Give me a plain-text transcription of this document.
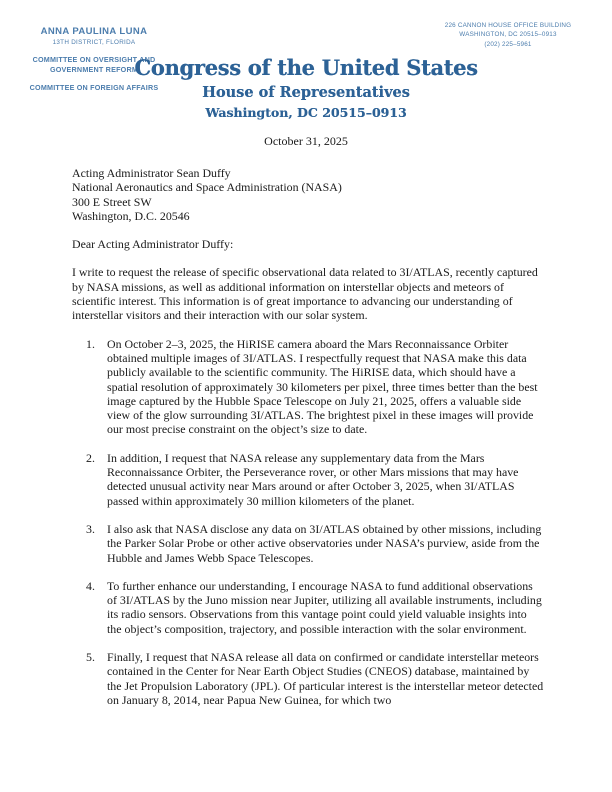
ANNA PAULINA LUNA
13TH DISTRICT, FLORIDA
COMMITTEE ON OVERSIGHT AND GOVERNMENT REFORM
COMMITTEE ON FOREIGN AFFAIRS
226 CANNON HOUSE OFFICE BUILDING
WASHINGTON, DC 20515–0913
(202) 225–5961
Congress of the United States
House of Representatives
Washington, DC 20515–0913
October 31, 2025
Acting Administrator Sean Duffy
National Aeronautics and Space Administration (NASA)
300 E Street SW
Washington, D.C. 20546
Dear Acting Administrator Duffy:

I write to request the release of specific observational data related to 3I/ATLAS, recently captured by NASA missions, as well as additional information on interstellar objects and meteors of scientific interest. This information is of great importance to advancing our understanding of interstellar visitors and their interaction with our solar system.

1.	On October 2–3, 2025, the HiRISE camera aboard the Mars Reconnaissance Orbiter obtained multiple images of 3I/ATLAS. I respectfully request that NASA make this data publicly available to the scientific community. The HiRISE data, which should have a spatial resolution of approximately 30 kilometers per pixel, three times better than the best image captured by the Hubble Space Telescope on July 21, 2025, offers a valuable side view of the glow surrounding 3I/ATLAS. The brightest pixel in these images will provide our most precise constraint on the object’s size to date.
2.	In addition, I request that NASA release any supplementary data from the Mars Reconnaissance Orbiter, the Perseverance rover, or other Mars missions that may have detected unusual activity near Mars around or after October 3, 2025, when 3I/ATLAS passed within approximately 30 million kilometers of the planet.
3.	I also ask that NASA disclose any data on 3I/ATLAS obtained by other missions, including the Parker Solar Probe or other active observatories under NASA’s purview, aside from the Hubble and James Webb Space Telescopes.
4.	To further enhance our understanding, I encourage NASA to fund additional observations of 3I/ATLAS by the Juno mission near Jupiter, utilizing all available instruments, including its radio sensors. Observations from this vantage point could yield valuable insights into the object’s composition, trajectory, and possible interaction with the solar environment.
5.	Finally, I request that NASA release all data on confirmed or candidate interstellar meteors contained in the Center for Near Earth Object Studies (CNEOS) database, maintained by the Jet Propulsion Laboratory (JPL). Of particular interest is the interstellar meteor detected on January 8, 2014, near Papua New Guinea, for which two
